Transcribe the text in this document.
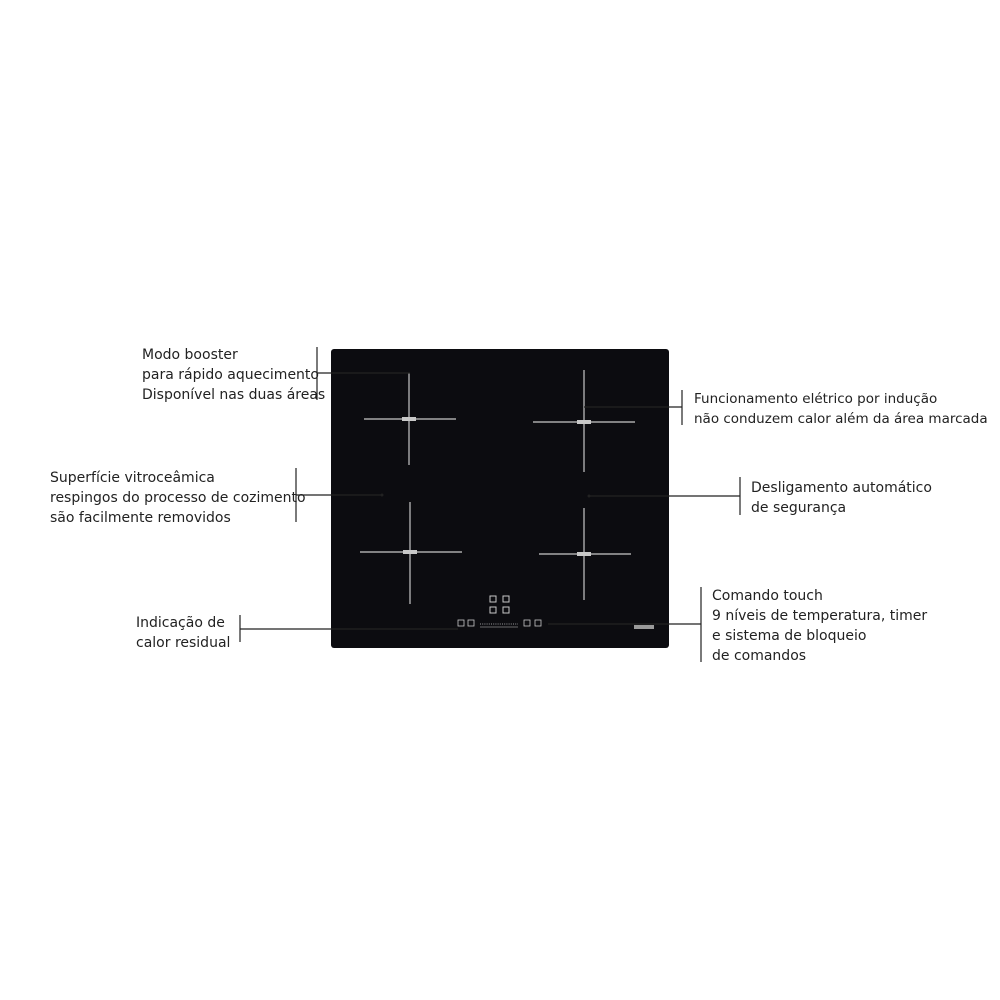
Modo booster
para rápido aquecimento
Disponível nas duas áreas
Superfície vitroceâmica
respingos do processo de cozimento
são facilmente removidos
Indicação de
calor residual
Funcionamento elétrico por indução
não conduzem calor além da área marcada
Desligamento automático
de segurança
Comando touch
9 níveis de temperatura, timer
e sistema de bloqueio
de comandos
